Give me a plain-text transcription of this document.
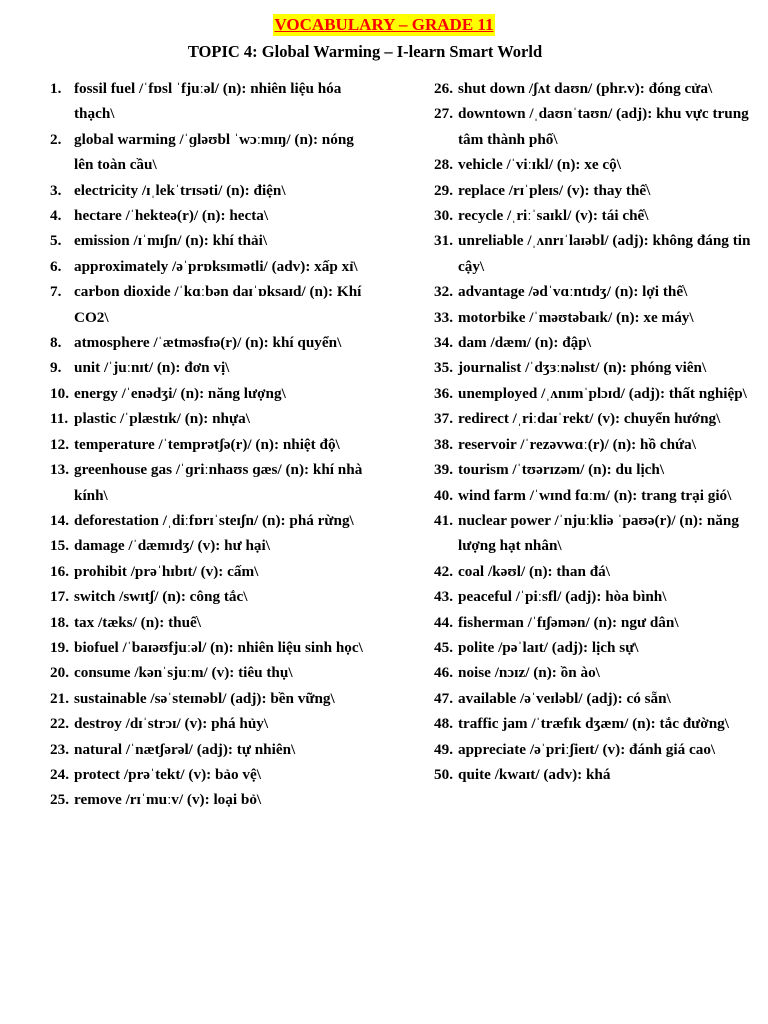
VOCABULARY – GRADE 11
TOPIC 4: Global Warming – I-learn Smart World
1. fossil fuel /ˈfɒsl ˈfjuːəl/ (n): nhiên liệu hóa thạch\
2. global warming /ˈɡləʊbl ˈwɔːmɪŋ/ (n): nóng lên toàn cầu\
3. electricity /ɪˌlekˈtrɪsəti/ (n): điện\
4. hectare /ˈhekteə(r)/ (n): hecta\
5. emission /ɪˈmɪʃn/ (n): khí thải\
6. approximately /əˈprɒksɪmətli/ (adv): xấp xỉ\
7. carbon dioxide /ˈkɑːbən daɪˈɒksaɪd/ (n): Khí CO2\
8. atmosphere /ˈætməsfɪə(r)/ (n): khí quyển\
9. unit /ˈjuːnɪt/ (n): đơn vị\
10. energy /ˈenədʒi/ (n): năng lượng\
11. plastic /ˈplæstɪk/ (n): nhựa\
12. temperature /ˈtemprətʃə(r)/ (n): nhiệt độ\
13. greenhouse gas /ˈɡriːnhaʊs ɡæs/ (n): khí nhà kính\
14. deforestation /ˌdiːfɒrɪˈsteɪʃn/ (n): phá rừng\
15. damage /ˈdæmɪdʒ/ (v): hư hại\
16. prohibit /prəˈhɪbɪt/ (v): cấm\
17. switch /swɪtʃ/ (n): công tắc\
18. tax /tæks/ (n): thuế\
19. biofuel /ˈbaɪəʊfjuːəl/ (n): nhiên liệu sinh học\
20. consume /kənˈsjuːm/ (v): tiêu thụ\
21. sustainable /səˈsteɪnəbl/ (adj): bền vững\
22. destroy /dɪˈstrɔɪ/ (v): phá hủy\
23. natural /ˈnætʃərəl/ (adj): tự nhiên\
24. protect /prəˈtekt/ (v): bảo vệ\
25. remove /rɪˈmuːv/ (v): loại bỏ\
26. shut down /ʃʌt daʊn/ (phr.v): đóng cửa\
27. downtown /ˌdaʊnˈtaʊn/ (adj): khu vực trung tâm thành phố\
28. vehicle /ˈviːɪkl/ (n): xe cộ\
29. replace /rɪˈpleɪs/ (v): thay thế\
30. recycle /ˌriːˈsaɪkl/ (v): tái chế\
31. unreliable /ˌʌnrɪˈlaɪəbl/ (adj): không đáng tin cậy\
32. advantage /ədˈvɑːntɪdʒ/ (n): lợi thế\
33. motorbike /ˈməʊtəbaɪk/ (n): xe máy\
34. dam /dæm/ (n): đập\
35. journalist /ˈdʒɜːnəlɪst/ (n): phóng viên\
36. unemployed /ˌʌnɪmˈplɔɪd/ (adj): thất nghiệp\
37. redirect /ˌriːdaɪˈrekt/ (v): chuyển hướng\
38. reservoir /ˈrezəvwɑː(r)/ (n): hồ chứa\
39. tourism /ˈtʊərɪzəm/ (n): du lịch\
40. wind farm /ˈwɪnd fɑːm/ (n): trang trại gió\
41. nuclear power /ˈnjuːkliə ˈpaʊə(r)/ (n): năng lượng hạt nhân\
42. coal /kəʊl/ (n): than đá\
43. peaceful /ˈpiːsfl/ (adj): hòa bình\
44. fisherman /ˈfɪʃəmən/ (n): ngư dân\
45. polite /pəˈlaɪt/ (adj): lịch sự\
46. noise /nɔɪz/ (n): ồn ào\
47. available /əˈveɪləbl/ (adj): có sẵn\
48. traffic jam /ˈtræfɪk dʒæm/ (n): tắc đường\
49. appreciate /əˈpriːʃieɪt/ (v): đánh giá cao\
50. quite /kwaɪt/ (adv): khá
